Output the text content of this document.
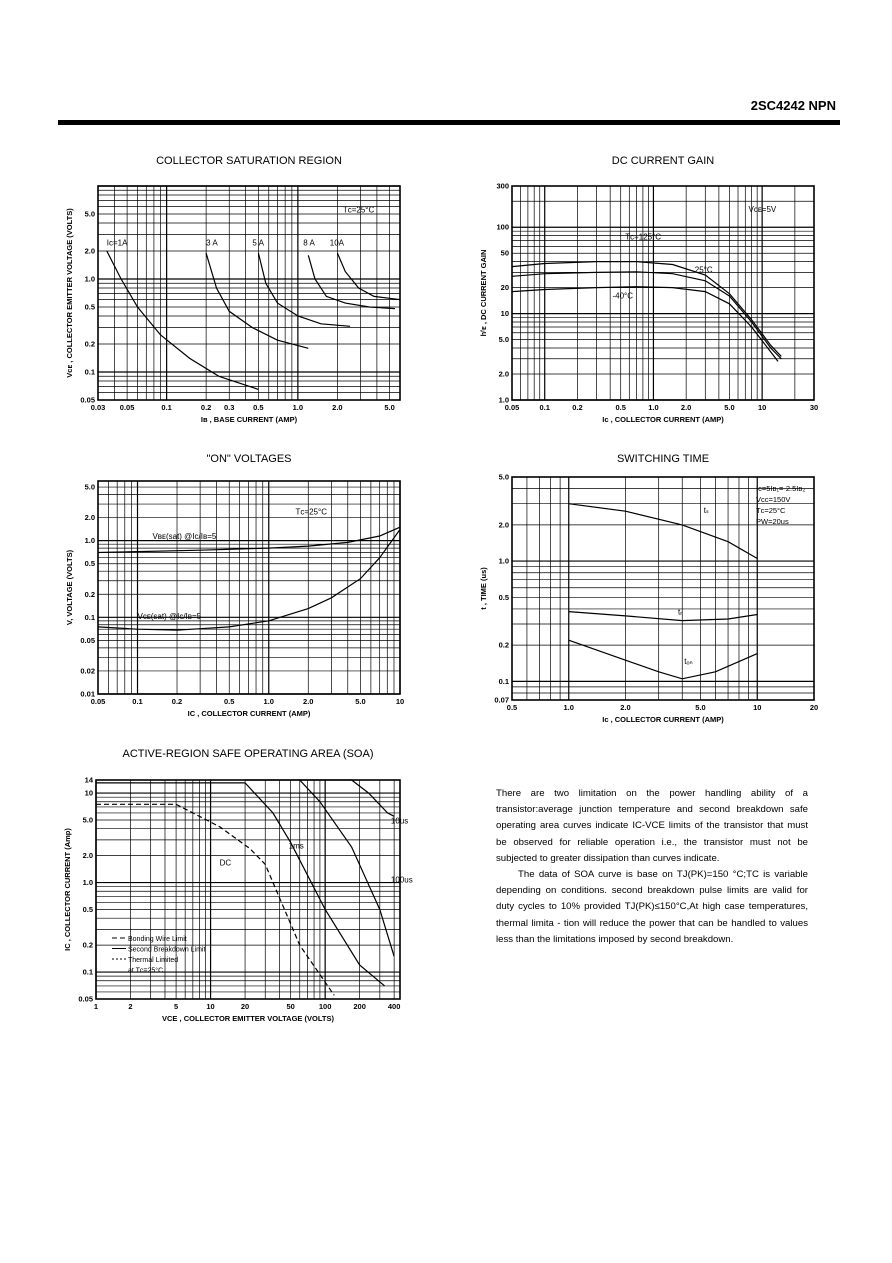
2SC4242 NPN
COLLECTOR SATURATION REGION
0.03 0.05	0.1	0.2 0.3 0.5	1.0	2.0	5.0
0.05
0.1
0.2
0.5
1.0
2.0
5.0
Iʙ , BASE CURRENT (AMP)
Vᴄᴇ , COLLECTOR EMITTER VOLTAGE (VOLTS)	Iᴄ=1A	3 A	5 A	8 A 10A
Tᴄ=25°C
DC CURRENT GAIN
0.05	0.1	0.2	0.5	1.0	2.0	5.0	10	30
1.0
2.0
5.0
10
20
50
100
300
Iᴄ , COLLECTOR CURRENT (AMP)
hᶠᴇ , DC CURRENT GAIN
Tᴄ=125°C
25°C
-40°C
Vᴄᴇ=5V
"ON" VOLTAGES
0.05	0.1	0.2	0.5	1.0	2.0	5.0	10
0.01
0.02
0.05
0.1
0.2
0.5
1.0
2.0
5.0
IC , COLLECTOR CURRENT (AMP)
V, VOLTAGE (VOLTS)
Vʙᴇ(sat) @Iᴄ/Iʙ=5
Vᴄᴇ(sat) @Iᴄ/Iʙ=5
Tᴄ=25°C
SWITCHING TIME
0.5	1.0	2.0	5.0	10	20
0.07
0.1
0.2
0.5
1.0
2.0
5.0
Iᴄ , COLLECTOR CURRENT (AMP)
t , TIME (us)
tₛ
tᵣ
tₒₙ
Iᴄ=5Iʙ₁=-2.5Iʙ₂
Vᴄᴄ=150V
Tᴄ=25°C
PW=20us
ACTIVE-REGION SAFE OPERATING AREA (SOA)
1	2	5	10	20	50	100	200	400
0.05
0.1
0.2
0.5
1.0
2.0
5.0
10
14
VCE , COLLECTOR EMITTER VOLTAGE (VOLTS)
IC , COLLECTOR CURRENT (Amp)	DC
1ms
100us
10us
Bonding Wire Limit
Second Breakdown Limit
Thermal Limited
at Tᴄ=25°C

There are two limitation on the power handling ability of a transistor:average junction temperature and second breakdown safe operating area curves indicate IC-VCE limits of the transistor that must be observed for reliable operation i.e., the transistor must not be subjected to greater dissipation than curves indicate.

The data of SOA curve is base on TJ(PK)=150 °C;TC is variable depending on conditions. second breakdown pulse limits are valid for duty cycles to 10% provided TJ(PK)≤150°C,At high case temperatures, thermal limita - tion will reduce the power that can be handled to values less than the limitations imposed by second breakdown.
